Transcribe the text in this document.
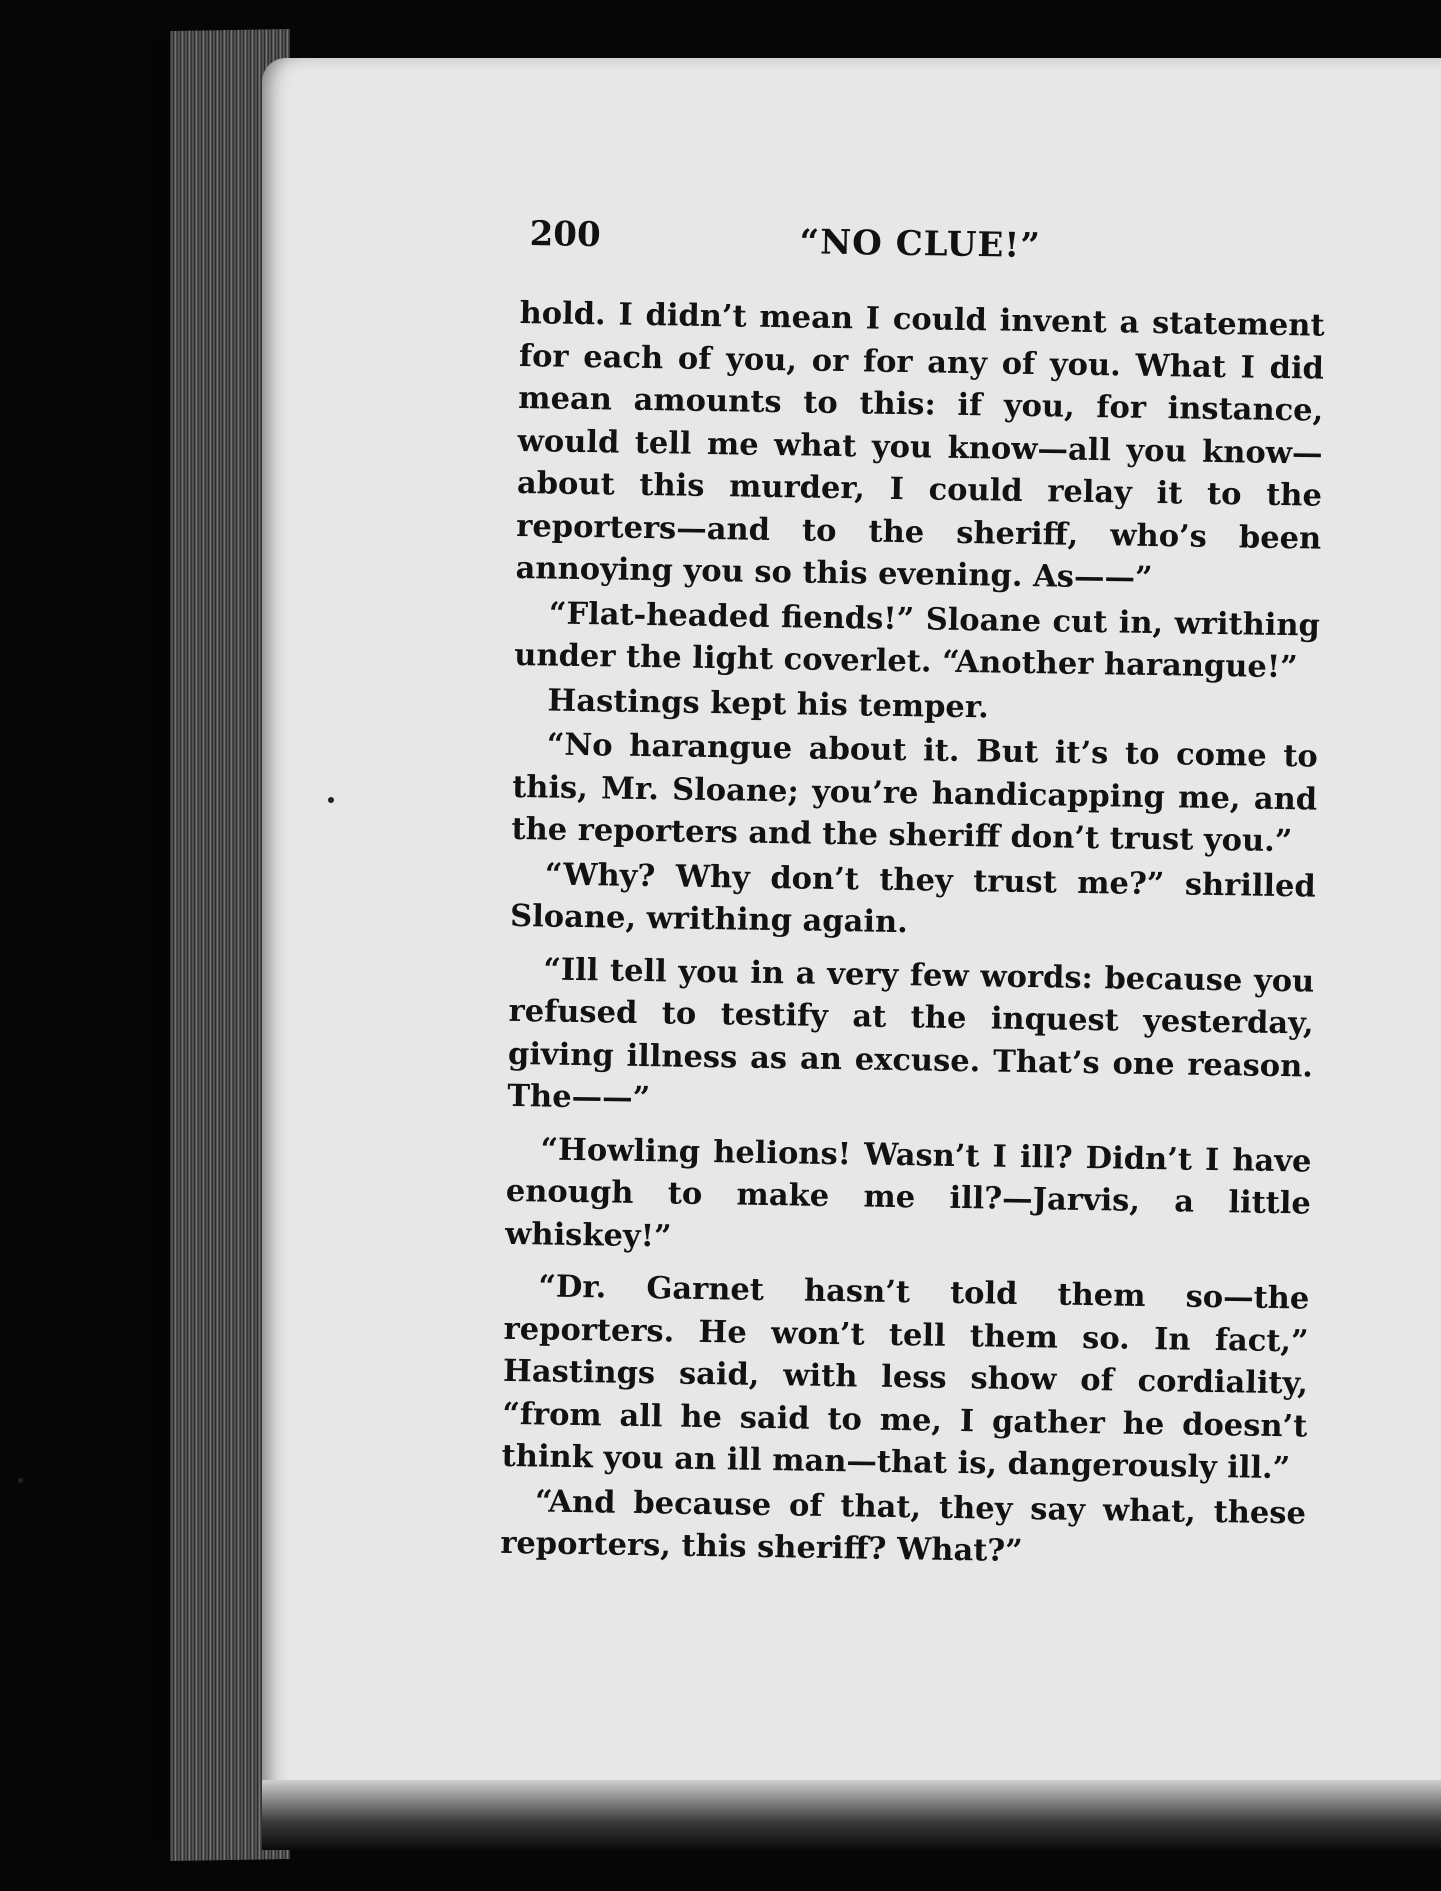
200	“NO CLUE!”

hold. I didn’t mean I could invent a statement for each of you, or for any of you. What I did mean amounts to this: if you, for instance, would tell me what you know—all you know—about this murder, I could relay it to the reporters—and to the sheriff, who’s been annoying you so this evening. As——”

“Flat-headed fiends!” Sloane cut in, writhing under the light coverlet. “Another harangue!”

Hastings kept his temper.

“No harangue about it. But it’s to come to this, Mr. Sloane; you’re handicapping me, and the reporters and the sheriff don’t trust you.”

“Why? Why don’t they trust me?” shrilled Sloane, writhing again.

“Ill tell you in a very few words: because you refused to testify at the inquest yesterday, giving illness as an excuse. That’s one reason. The——”

“Howling helions! Wasn’t I ill? Didn’t I have enough to make me ill?—Jarvis, a little whiskey!”

“Dr. Garnet hasn’t told them so—the reporters. He won’t tell them so. In fact,” Hastings said, with less show of cordiality, “from all he said to me, I gather he doesn’t think you an ill man—that is, dangerously ill.”

“And because of that, they say what, these reporters, this sheriff? What?”
